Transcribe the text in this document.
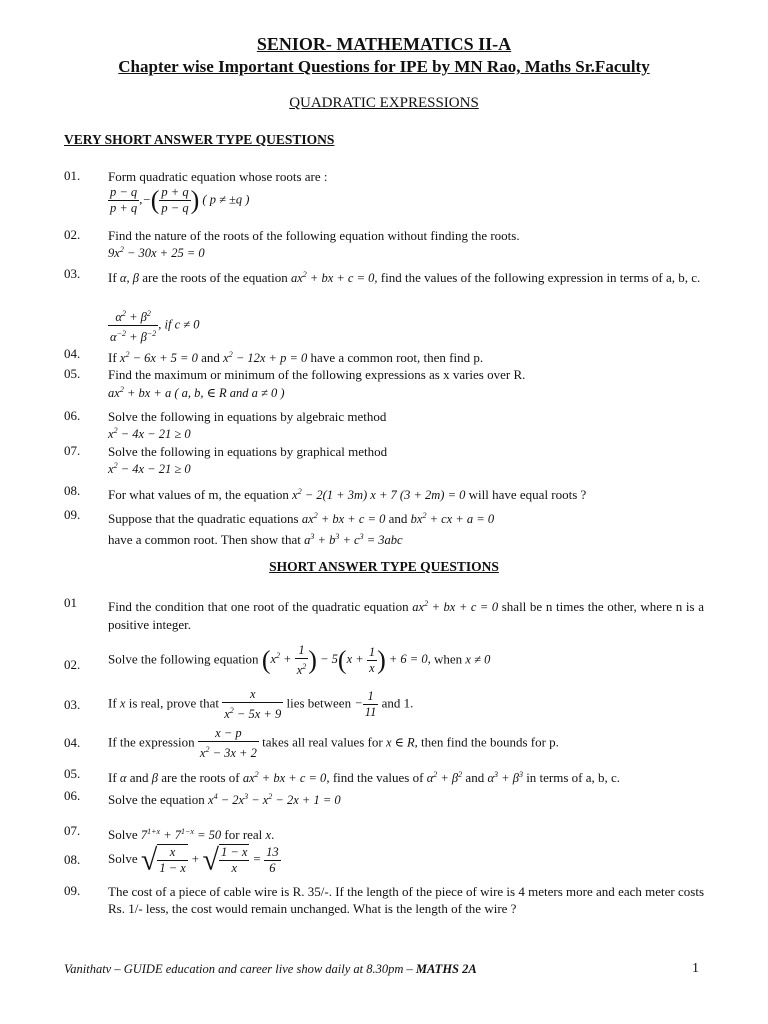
SENIOR- MATHEMATICS II-A
Chapter wise Important Questions for IPE by MN Rao, Maths Sr.Faculty
QUADRATIC EXPRESSIONS
VERY SHORT ANSWER TYPE QUESTIONS
01. Form quadratic equation whose roots are :
$\frac{p - q}{p + q}$ ,−( $\frac{p + q}{p - q}$ ) ( p ≠ ±q )
02. Find the nature of the roots of the following equation without finding the roots.
$9x^2 - 30x + 25 = 0$
03. If α, β are the roots of the equation $ax^2$ + bx + c = 0, find the values of the following expression in terms of a, b, c.
$\frac{\alpha^2 + \beta^2}{\alpha^{-2} + \beta^{-2}}$ , if c ≠ 0
04. If $x^2 - 6x + 5 = 0$ and $x^2 - 12x + p = 0$ have a common root, then find p.
05. Find the maximum or minimum of the following expressions as x varies over R.
$ax^2$ + bx + a ( a, b, ∈ R and a ≠ 0 )
06. Solve the following in equations by algebraic method
$x^2 - 4x - 21 \ge 0$
07. Solve the following in equations by graphical method
$x^2 - 4x - 21 \ge 0$
08. For what values of m, the equation $x^2 - 2(1 + 3m) x + 7$ (3 + 2m) = 0 will have equal roots ?
09. Suppose that the quadratic equations $ax^2$ + bx + c = 0 and $bx^2$ + cx + a = 0
have a common root. Then show that $a^3 + b^3 + c^3 = 3abc$
SHORT ANSWER TYPE QUESTIONS
01 Find the condition that one root of the quadratic equation $ax^2$ + bx + c = 0 shall be n times the other, where n is a positive integer.
02. Solve the following equation ($x^2 + \frac{1}{x^2}$ ) − $5(x + \frac{1}{x}$ ) + 6 = 0, when x ≠ 0
03. If x is real, prove that $\frac{x}{x^2 - 5x + 9}$ lies between − $\frac{1}{11}$ and 1.
04. If the expression $\frac{x - p}{x^2 - 3x + 2}$ takes all real values for x ∈ R, then find the bounds for p.
05. If α and β are the roots of $ax^2$ + bx + c = 0, find the values of $\alpha^2 + \beta^2$ and $\alpha^3 + \beta^3$ in terms of a, b, c.
06. Solve the equation $x^4 - 2x^3 - x^2 - 2x + 1 = 0$
07. Solve $7^{1+x} + 7^{1-x} = 50$ for real x.
08. Solve √ $\frac{x}{1 - x}$ + √ $\frac{1 - x}{x} = \frac{13}{6}$
09. The cost of a piece of cable wire is R. 35/-. If the length of the piece of wire is 4 meters more and each meter costs Rs. 1/- less, the cost would remain unchanged. What is the length of the wire ?
Vanithatv – GUIDE education and career live show daily at 8.30pm – MATHS 2A	1
